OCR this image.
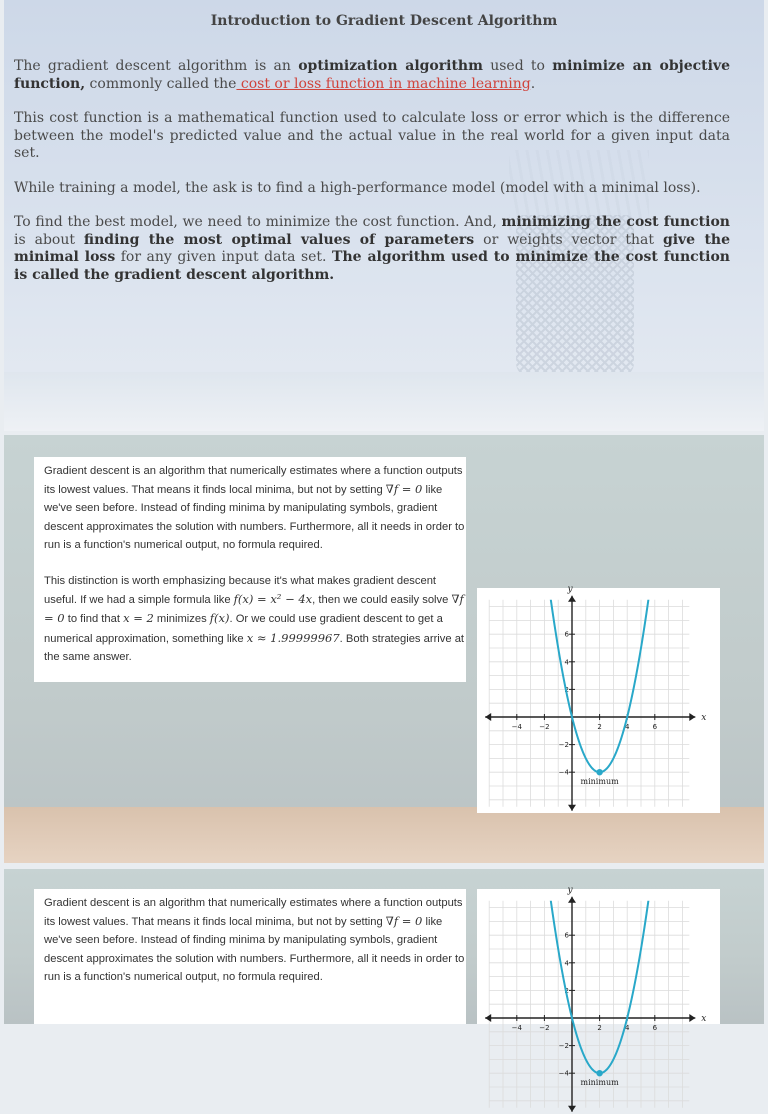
Introduction to Gradient Descent Algorithm

The gradient descent algorithm is an optimization algorithm used to minimize an objective function, commonly called the cost or loss function in machine learning.

This cost function is a mathematical function used to calculate loss or error which is the difference between the model's predicted value and the actual value in the real world for a given input data set.

While training a model, the ask is to find a high-performance model (model with a minimal loss).

To find the best model, we need to minimize the cost function. And, minimizing the cost function is about finding the most optimal values of parameters or weights vector that give the minimal loss for any given input data set. The algorithm used to minimize the cost function is called the gradient descent algorithm.

Gradient descent is an algorithm that numerically estimates where a function outputs its lowest values. That means it finds local minima, but not by setting ∇f = 0 like we've seen before. Instead of finding minima by manipulating symbols, gradient descent approximates the solution with numbers. Furthermore, all it needs in order to run is a function's numerical output, no formula required.

This distinction is worth emphasizing because it's what makes gradient descent useful. If we had a simple formula like f(x) = x² − 4x, then we could easily solve ∇f = 0 to find that x = 2 minimizes f(x). Or we could use gradient descent to get a numerical approximation, something like x ≈ 1.99999967. Both strategies arrive at the same answer.

x
y
−4 −2	2	4	6
6
4
2
−2
−4
minimum

Gradient descent is an algorithm that numerically estimates where a function outputs its lowest values. That means it finds local minima, but not by setting ∇f = 0 like we've seen before. Instead of finding minima by manipulating symbols, gradient descent approximates the solution with numbers. Furthermore, all it needs in order to run is a function's numerical output, no formula required.

x
y
−4 −2	2	4	6
6
4
2
−2
−4
minimum
